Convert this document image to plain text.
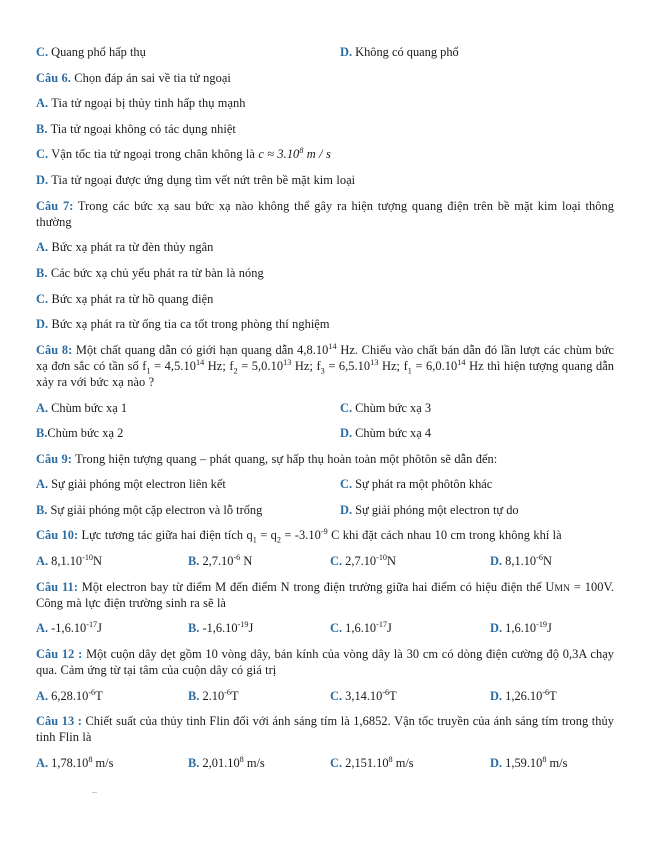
C. Quang phổ hấp thụ	D. Không có quang phổ

Câu 6. Chọn đáp án sai về tia tử ngoại

A. Tia tử ngoại bị thủy tinh hấp thụ mạnh

B. Tia tử ngoại không có tác dụng nhiệt

C. Vận tốc tia tử ngoại trong chân không là $c \approx 3.10^8$ m / s

D. Tia tử ngoại được ứng dụng tìm vết nứt trên bề mặt kim loại

Câu 7: Trong các bức xạ sau bức xạ nào không thể gây ra hiện tượng quang điện trên bề mặt kim loại thông thường

A. Bức xạ phát ra từ đèn thủy ngân

B. Các bức xạ chủ yếu phát ra từ bàn là nóng

C. Bức xạ phát ra từ hồ quang điện

D. Bức xạ phát ra từ ống tia ca tốt trong phòng thí nghiệm

Câu 8: Một chất quang dẫn có giới hạn quang dẫn 4,8.10$^{14}$ Hz. Chiếu vào chất bán dẫn đó lần lượt các chùm bức xạ đơn sắc có tần số $f_1 = 4,5.10^{14}$ Hz; $f_2 = 5,0.10^{13}$ Hz; $f_3 = 6,5.10^{13}$ Hz; $f_1 = 6,0.10^{14}$ Hz thì hiện tượng quang dẫn xảy ra với bức xạ nào ?

A. Chùm bức xạ 1	C. Chùm bức xạ 3
B.Chùm bức xạ 2	D. Chùm bức xạ 4

Câu 9: Trong hiện tượng quang – phát quang, sự hấp thụ hoàn toàn một phôtôn sẽ dẫn đến:

A. Sự giải phóng một electron liên kết	C. Sự phát ra một phôtôn khác
B. Sự giải phóng một cặp electron và lỗ trống	D. Sự giải phóng một electron tự do

Câu 10: Lực tương tác giữa hai điện tích $q_1 = q_2 = -3.10^{-9}$ C khi đặt cách nhau 10 cm trong không khí là

A. $8,1.10^{-10}N$	B. $2,7.10^{-6}$ N	C. $2,7.10^{-10}N$	D. $8,1.10^{-6}N$

Câu 11: Một electron bay từ điểm M đến điểm N trong điện trường giữa hai điểm có hiệu điện thế UMN = 100V. Công mà lực điện trường sinh ra sẽ là

A. $-1,6.10^{-17}J$	B. $-1,6.10^{-19}J$	C. $1,6.10^{-17}J$	D. $1,6.10^{-19}J$

Câu 12 : Một cuộn dây dẹt gồm 10 vòng dây, bán kính của vòng dây là 30 cm có dòng điện cường độ 0,3A chạy qua. Cảm ứng từ tại tâm của cuộn dây có giá trị

A. $6,28.10^{-6}T$	B. $2.10^{-6}T$	C. $3,14.10^{-6}T$	D. $1,26.10^{-6}T$

Câu 13 : Chiết suất của thủy tinh Flin đối với ánh sáng tím là 1,6852. Vận tốc truyền của ánh sáng tím trong thủy tinh Flin là

A. 1,78.10$^8$ m/s	B. 2,01.10$^8$ m/s	C. 2,151.10$^8$ m/s	D. 1,59.10$^8$ m/s
